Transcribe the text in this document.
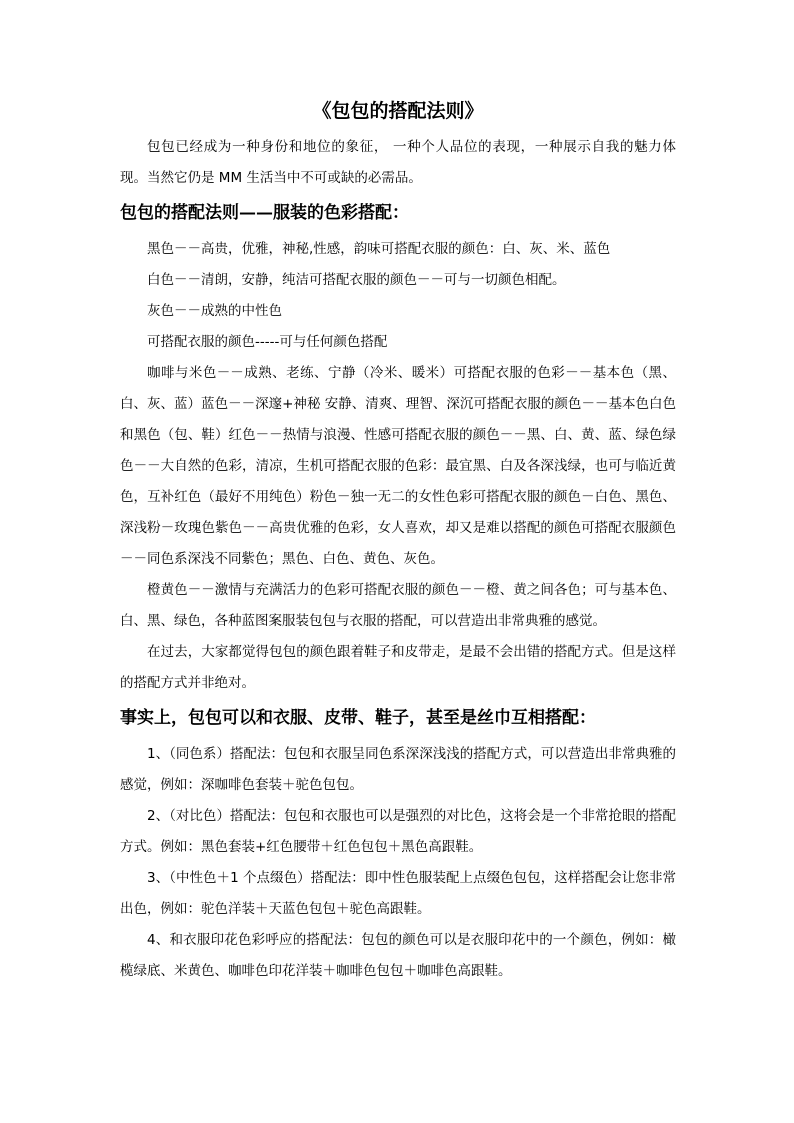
《包包的搭配法则》

包包已经成为一种身份和地位的象征， 一种个人品位的表现，一种展示自我的魅力体现。当然它仍是 MM 生活当中不可或缺的必需品。

包包的搭配法则——服装的色彩搭配：

黑色－－高贵，优雅，神秘,性感，韵味可搭配衣服的颜色：白、灰、米、蓝色

白色－－清朗，安静，纯洁可搭配衣服的颜色－－可与一切颜色相配。

灰色－－成熟的中性色

可搭配衣服的颜色-----可与任何颜色搭配

咖啡与米色－－成熟、老练、宁静（冷米、暖米）可搭配衣服的色彩－－基本色（黑、白、灰、蓝）蓝色－－深邃+神秘 安静、清爽、理智、深沉可搭配衣服的颜色－－基本色白色和黑色（包、鞋）红色－－热情与浪漫、性感可搭配衣服的颜色－－黑、白、黄、蓝、绿色绿色－－大自然的色彩，清凉，生机可搭配衣服的色彩：最宜黑、白及各深浅绿，也可与临近黄色，互补红色（最好不用纯色）粉色－独一无二的女性色彩可搭配衣服的颜色－白色、黑色、深浅粉－玫瑰色紫色－－高贵优雅的色彩，女人喜欢，却又是难以搭配的颜色可搭配衣服颜色－－同色系深浅不同紫色；黑色、白色、黄色、灰色。

橙黄色－－激情与充满活力的色彩可搭配衣服的颜色－－橙、黄之间各色；可与基本色、白、黑、绿色，各种蓝图案服装包包与衣服的搭配，可以营造出非常典雅的感觉。

在过去，大家都觉得包包的颜色跟着鞋子和皮带走，是最不会出错的搭配方式。但是这样的搭配方式并非绝对。

事实上，包包可以和衣服、皮带、鞋子，甚至是丝巾互相搭配：

1、（同色系）搭配法：包包和衣服呈同色系深深浅浅的搭配方式，可以营造出非常典雅的感觉，例如：深咖啡色套装＋驼色包包。

2、（对比色）搭配法：包包和衣服也可以是强烈的对比色，这将会是一个非常抢眼的搭配方式。例如：黑色套装+红色腰带＋红色包包＋黑色高跟鞋。

3、（中性色＋1 个点缀色）搭配法：即中性色服装配上点缀色包包，这样搭配会让您非常出色，例如：驼色洋装＋天蓝色包包＋驼色高跟鞋。

4、和衣服印花色彩呼应的搭配法：包包的颜色可以是衣服印花中的一个颜色，例如：橄榄绿底、米黄色、咖啡色印花洋装＋咖啡色包包＋咖啡色高跟鞋。
